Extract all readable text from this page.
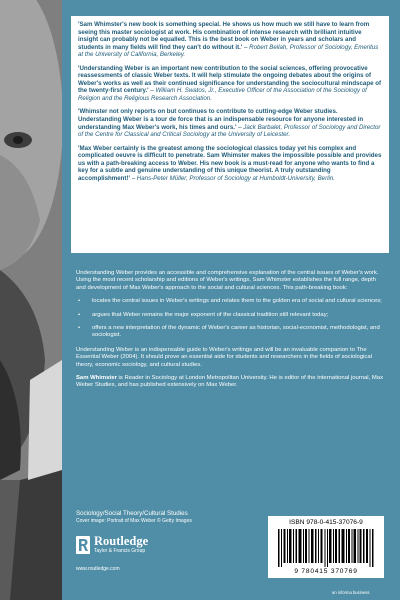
'Sam Whimster's new book is something special. He shows us how much we still have to learn from seeing this master sociologist at work. His combination of intense research with brilliant intuitive insight can probably not be equalled. This is the best book on Weber in years and scholars and students in many fields will find they can't do without it.' – Robert Bellah, Professor of Sociology, Emeritus at the University of California, Berkeley.

'Understanding Weber is an important new contribution to the social sciences, offering provocative reassessments of classic Weber texts. It will help stimulate the ongoing debates about the origins of Weber's works as well as their continued significance for understanding the sociocultural mindscape of the twenty-first century.' – William H. Swatos, Jr., Executive Officer of the Association of the Sociology of Religion and the Religious Research Association.

'Whimster not only reports on but continues to contribute to cutting-edge Weber studies. Understanding Weber is a tour de force that is an indispensable resource for anyone interested in understanding Max Weber's work, his times and ours.' – Jack Barbalet, Professor of Sociology and Director of the Centre for Classical and Critical Sociology at the University of Leicester.

'Max Weber certainly is the greatest among the sociological classics today yet his complex and complicated oeuvre is difficult to penetrate. Sam Whimster makes the impossible possible and provides us with a path-breaking access to Weber. His new book is a must-read for anyone who wants to find a key for a subtle and genuine understanding of this unique theorist. A truly outstanding accomplishment!' – Hans-Peter Müller, Professor of Sociology at Humboldt-University, Berlin.

Understanding Weber provides an accessible and comprehensive explanation of the central issues of Weber's work. Using the most recent scholarship and editions of Weber's writings, Sam Whimster establishes the full range, depth and development of Max Weber's approach to the social and cultural sciences. This path-breaking book:

• locates the central issues in Weber's writings and relates them to the golden era of social and cultural sciences;
• argues that Weber remains the major exponent of the classical tradition still relevant today;
• offers a new interpretation of the dynamic of Weber's career as historian, social-economist, methodologist, and sociologist.

Understanding Weber is an indispensable guide to Weber's writings and will be an invaluable companion to The Essential Weber (2004). It should prove an essential aide for students and researchers in the fields of sociological theory, economic sociology, and cultural studies.

Sam Whimster is Reader in Sociology at London Metropolitan University. He is editor of the international journal, Max Weber Studies, and has published extensively on Max Weber.

Sociology/Social Theory/Cultural Studies
Cover image: Portrait of Max Weber © Getty Images
Routledge
Taylor & Francis Group
www.routledge.com
ISBN 978-0-415-37076-9
9 780415 370769
an informa business
